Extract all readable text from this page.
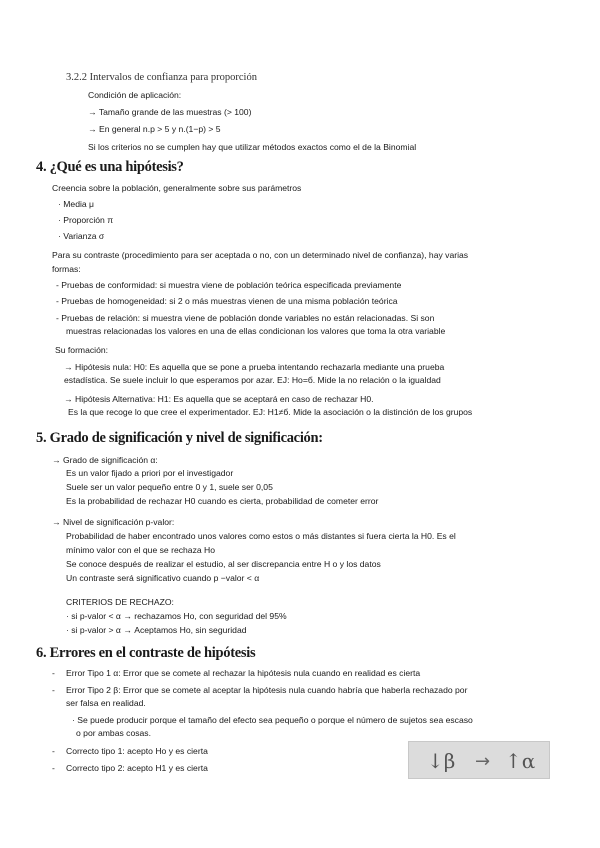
3.2.2 Intervalos de confianza para proporción
Condición de aplicación:
→ Tamaño grande de las muestras (> 100)
→ En general n.p > 5 y n.(1−p) > 5
Si los criterios no se cumplen hay que utilizar métodos exactos como el de la Binomial
4. ¿Qué es una hipótesis?
Creencia sobre la población, generalmente sobre sus parámetros
· Media μ
· Proporción π
· Varianza σ
Para su contraste (procedimiento para ser aceptada o no, con un determinado nivel de confianza), hay varias
formas:
- Pruebas de conformidad: si muestra viene de población teórica especificada previamente
- Pruebas de homogeneidad: si 2 o más muestras vienen de una misma población teórica
- Pruebas de relación: si muestra viene de población donde variables no están relacionadas. Si son
muestras relacionadas los valores en una de ellas condicionan los valores que toma la otra variable
Su formación:
→ Hipótesis nula: H0: Es aquella que se pone a prueba intentando rechazarla mediante una prueba
estadística. Se suele incluir lo que esperamos por azar. EJ: Ho=б. Mide la no relación o la igualdad
→ Hipótesis Alternativa: H1: Es aquella que se aceptará en caso de rechazar H0.
Es la que recoge lo que cree el experimentador. EJ: H1≠б. Mide la asociación o la distinción de los grupos
5. Grado de significación y nivel de significación:
→ Grado de significación α:
Es un valor fijado a priori por el investigador
Suele ser un valor pequeño entre 0 y 1, suele ser 0,05
Es la probabilidad de rechazar H0 cuando es cierta, probabilidad de cometer error
→ Nivel de significación p-valor:
Probabilidad de haber encontrado unos valores como estos o más distantes si fuera cierta la H0. Es el
mínimo valor con el que se rechaza Ho
Se conoce después de realizar el estudio, al ser discrepancia entre H o y los datos
Un contraste será significativo cuando p −valor < α
CRITERIOS DE RECHAZO:
· si p-valor < α → rechazamos Ho, con seguridad del 95%
· si p-valor > α → Aceptamos Ho, sin seguridad
6. Errores en el contraste de hipótesis
- Error Tipo 1 α: Error que se comete al rechazar la hipótesis nula cuando en realidad es cierta
- Error Tipo 2 β: Error que se comete al aceptar la hipótesis nula cuando habría que haberla rechazado por
ser falsa en realidad.
· Se puede producir porque el tamaño del efecto sea pequeño o porque el número de sujetos sea escaso
o por ambas cosas.
- Correcto tipo 1: acepto Ho y es cierta
- Correcto tipo 2: acepto H1 y es cierta	↓β → ↑α
